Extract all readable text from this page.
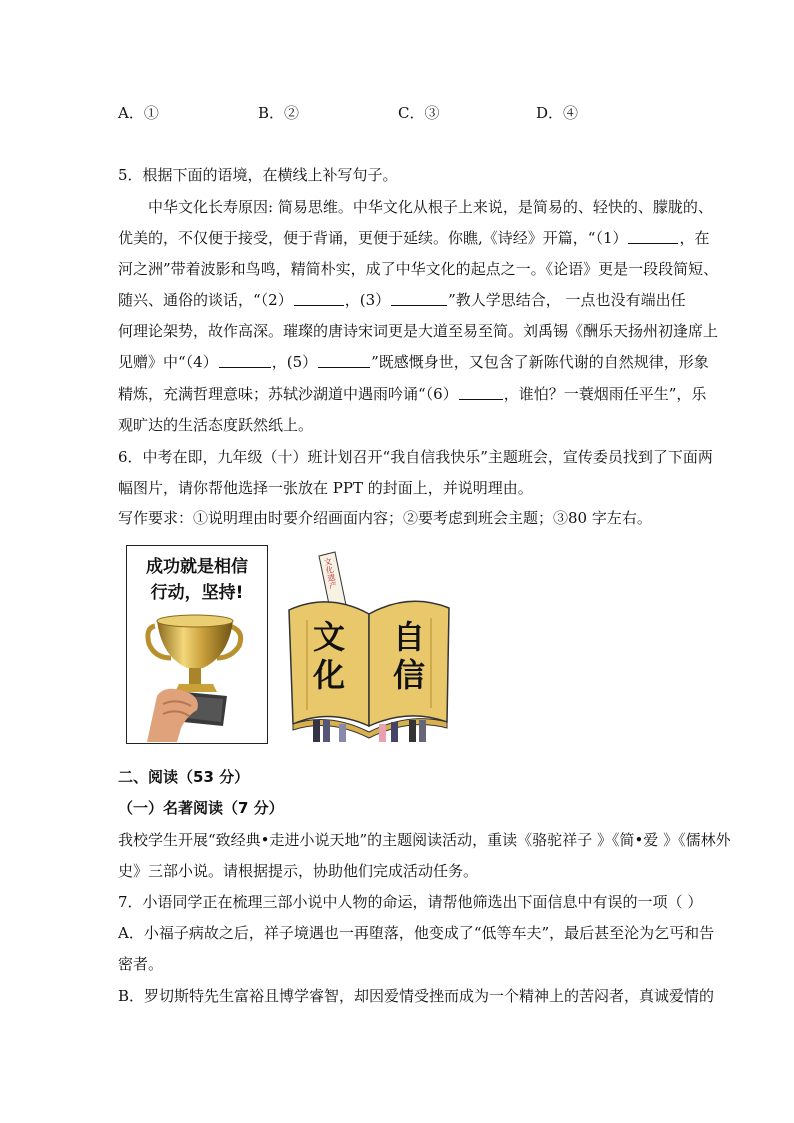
A．①	B．②	C．③	D．④
5．根据下面的语境，在横线上补写句子。
中华文化长寿原因: 简易思维。中华文化从根子上来说，是简易的、轻快的、朦胧的、
优美的，不仅便于接受，便于背诵，更便于延续。你瞧,《诗经》开篇，“（1）	，在
河之洲”带着波影和鸟鸣，精简朴实，成了中华文化的起点之一。《论语》更是一段段简短、
随兴、通俗的谈话，“（2）	，(3）	”教人学思结合， 一点也没有端出任
何理论架势，故作高深。璀璨的唐诗宋词更是大道至易至简。刘禹锡《酬乐天扬州初逢席上
见赠》中“（4）	，(5）	”既感慨身世，又包含了新陈代谢的自然规律，形象
精炼，充满哲理意味；苏轼沙湖道中遇雨吟诵“（6）	，谁怕？一蓑烟雨任平生”，乐
观旷达的生活态度跃然纸上。
6．中考在即，九年级（十）班计划召开“我自信我快乐”主题班会，宣传委员找到了下面两
幅图片，请你帮他选择一张放在 PPT 的封面上，并说明理由。
写作要求：①说明理由时要介绍画面内容；②要考虑到班会主题；③80 字左右。
成功就是相信
行动，坚持!
文化遗产
文
化
自
信
二、阅读（53 分）
（一）名著阅读（7 分）
我校学生开展“致经典•走进小说天地”的主题阅读活动，重读《骆驼祥子 》《简•爱 》《儒林外
史》三部小说。请根据提示，协助他们完成活动任务。
7．小语同学正在梳理三部小说中人物的命运，请帮他筛选出下面信息中有误的一项（ ）
A．小福子病故之后，祥子境遇也一再堕落，他变成了“低等车夫”，最后甚至沦为乞丐和告
密者。
B．罗切斯特先生富裕且博学睿智，却因爱情受挫而成为一个精神上的苦闷者，真诚爱情的
